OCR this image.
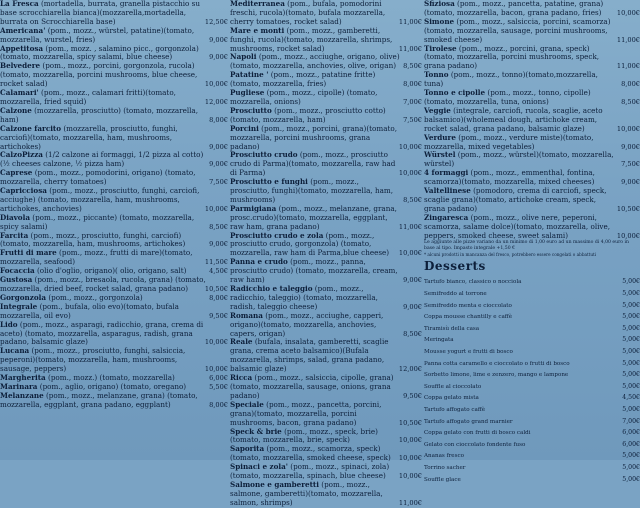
La Fresca (mortadella, burrata, granella pistacchio su base scrocchiarella bianca)(mozzarella,mortadella, burrata on Scrocchiarella base)	12,50€
Americana' (pom., mozz., würstel, patatine)(tomato, mozzarella, wurstel, fries)	9,00€
Appetitosa (pom., mozz. , salamino picc., gorgonzola)(tomato, mozzarella, spicy salami, blue cheese)	9,00€
Belvedere (pom., mozz., porcini, gorgonzola, rucola)(tomato, mozzarella, porcini mushrooms, blue cheese, rocket salad)	10,00€
Calamari' (pom., mozz., calamari fritti)(tomato, mozzarella, fried squid)	12,00€
Calzone (mozzarella, prosciutto) (tomato, mozzarella, ham)	8,00€
Calzone farcito (mozzarella, prosciutto, funghi, carciofi)(tomato, mozzarella, ham, mushrooms, artichokes)	9,00€
CalzoPizza (1/2 calzone ai formaggi, 1/2 pizza al cotto)(½ cheeses calzone, ½ pizza ham)	9,00€
Caprese (pom., mozz., pomodorini, origano) (tomato, mozzarella, cherry tomatoes)	7,50€
Capricciosa (pom., mozz., prosciutto, funghi, carciofi, acciughe) (tomato, mozzarella, ham, mushrooms, artichokes, anchovies)	10,00€
Diavola (pom., mozz., piccante) (tomato, mozzarella, spicy salami)	8,50€
Farcita (pom., mozz., prosciutto, funghi, carciofi)(tomato, mozzarella, ham, mushrooms, artichokes)	9,00€
Frutti di mare (pom., mozz., frutti di mare)(tomato, mozzarella, seafood)	11,50€
Focaccia (olio d'oglio, origano)( olio, origano, salt)	4,50€
Gustosa (pom., mozz., bresaola, rucola, grana) (tomato, mozzarella, dried beef, rocket salad, grana padano)	10,50€
Gorgonzola (pom., mozz., gorgonzola)	8,00€
Integrale (pom., bufala, olio evo)(tomato, bufala mozzarella, oil evo)	9,50€
Lido (pom., mozz., asparagi, radicchio, grana, crema di aceto) (tomato, mozzarella, asparagus, radish, grana padano, balsamic glaze)	10,00€
Lucana (pom., mozz., prosciutto, funghi, salsiccia, peperoni)(tomato, mozzarella, ham, mushrooms, sausage, peppers)	10,00€
Margherita (pom., mozz.) (tomato, mozzarella)	6,00€
Marinara (pom., aglio, origano) (tomato, oregano)	5,50€
Melanzane (pom., mozz., melanzane, grana) (tomato, mozzarella, eggplant, grana padano, eggplant)	8,00€
Mediterranea (pom., bufala, pomodorini freschi, rucola)(tomato, bufala mozzarella, cherry tomatoes, rocket salad)	11,00€
Mare e monti (pom., mozz., gamberetti, funghi, rucola)(tomato, mozzarella, shrimps, mushrooms, rocket salad)	11,00€
Napoli (pom., mozz., acciughe, origano, olive)(tomato, mozzarella, anchovies, olive, origan) 8,50€
Patatine ' (pom., mozz., patatine fritte)(tomato, mozzarella, fries)	8,00€
Pugliese (pom., mozz., cipolle) (tomato, mozzarella, onions)	7,00€
Prosciutto (pom., mozz., prosciutto cotto)(tomato, mozzarella, ham)	7,50€
Porcini (pom., mozz., porcini, grana)(tomato, mozzarella, porcini mushrooms, grana padano)	10,00€
Prosciutto crudo (pom., mozz., prosciutto crudo di Parma)(tomato, mozzarella, raw had di Parma)	10,00€
Prosciutto e funghi (pom., mozz., prosciutto, funghi)(tomato, mozzarella, ham, mushrooms)	8,50€
Parmigiana (pom., mozz., melanzane, grana, prosc.crudo)(tomato, mozzarella, eggplant, raw ham, grana padano)	11,00€
Prosciutto crudo e zola (pom., mozz., prosciutto crudo, gorgonzola) (tomato, mozzarella, raw ham di Parma,blue cheese) 10,00€
Panna e crudo (pom., mozz., panna, prosciutto crudo) (tomato, mozzarella, cream, raw ham)	9,00€
Radicchio e taleggio (pom., mozz., radicchio, taleggio) (tomato, mozzarella, radish, taleggio cheese)	9,00€
Romana (pom., mozz., acciughe, capperi, origano)(tomato, mozzarella, anchovies, capers, origan)	8,50€
Reale (bufala, insalata, gamberetti, scaglie grana, crema aceto balsamico)(Bufala mozzarella, shrimps, salad, grana padano, balsamic glaze)	12,00€
Ricca (pom., mozz., salsiccia, cipolle, grana)(tomato, mozzarella, sausage, onions, grana padano)	9,50€
Speciale (pom., mozz., pancetta, porcini, grana)(tomato, mozzarella, porcini mushrooms, bacon, grana padano)	10,50€
Speck & brie (pom., mozz., speck, brie) (tomato, mozzarella, brie, speck)	10,00€
Saporita (pom., mozz., scamorza, speck) (tomato, mozzarella, smoked cheese, speck) 10,00€
Spinaci e zola' (pom., mozz., spinaci, zola)(tomato, mozzarella, spinach, blue cheese) 10,00€
Salmone e gamberetti (pom., mozz., salmone, gamberetti)(tomato, mozzarella, salmon, shrimps)	11,00€
Sfiziosa (pom., mozz., pancetta, patatine, grana)(tomato, mozzarella, bacon, grana padano, fries) 10,00€
Simone (pom., mozz., salsiccia, porcini, scamorza)(tomato, mozzarella, sausage, porcini mushrooms, smoked cheese)	11,00€
Tirolese (pom., mozz., porcini, grana, speck)(tomato, mozzarella, porcini mushrooms, speck, grana padano)	11,00€
Tonno (pom., mozz., tonno)(tomato,mozzarella, tuna)	8,00€
Tonno e cipolle (pom., mozz., tonno, cipolle)(tomato, mozzarella, tuna, onions)	8,50€
Veggie (integrale, carciofi, rucola, scaglie, aceto balsamico)(wholemeal dough, artichoke cream, rocket salad, grana padano, balsamic glaze)	10,00€
Verdure (pom., mozz., verdure miste)(tomato, mozzarella, mixed vegetables)	9,00€
Würstel (pom., mozz., würstel)(tomato, mozzarella, würstel)	7,50€
4 formaggi (pom., mozz., emmenthal, fontina, scamorza)(tomato, mozzarella, mixed cheeses)	9,00€
Valtellinese (pomodoro, crema di carciofi, speck, scaglie grana)(tomato, artichoke cream, speck, grana padano)	10,50€
Zingaresca (pom., mozz., olive nere, peperoni, scamorza, salame dolce)(tomato, mozzarella, olive, peppers, smoked cheese, sweet salami)	10,00€
Le aggiunte alle pizze variano da un minimo di 1,00 euro ad un massimo di 4,00 euro in base al tipo. Impasto integrale +1,50 €
* alcuni prodotti in mancanza del fresco, potrebbero essere congelati o abbattuti
Desserts
Tartufo bianco, classico o nocciola	5,00€
Semifreddo al torrone	5,00€
Semifreddo menta e cioccolato	5,00€
Coppa mousse chantilly e caffè	5,00€
Tiramisù della casa	5,00€
Meringata	5,00€
Mousse yogurt e frutti di bosco	5,00€
Panna cotta caramello e cioccolato o frutti di bosco	5,00€
Sorbetto limone, lime e zenzero, mango e lampone	5,00€
Souffle al cioccolato	5,00€
Coppa gelato mista	4,50€
Tartufo affogato caffè	5,00€
Tartufo affogato grand marnier	7,00€
Coppa gelato con frutti di bosco caldi	6,00€
Gelato con cioccolato fondente fuso	6,00€
Ananas fresco	5,00€
Torrino sacher	5,00€
Souffle glace	5,00€
